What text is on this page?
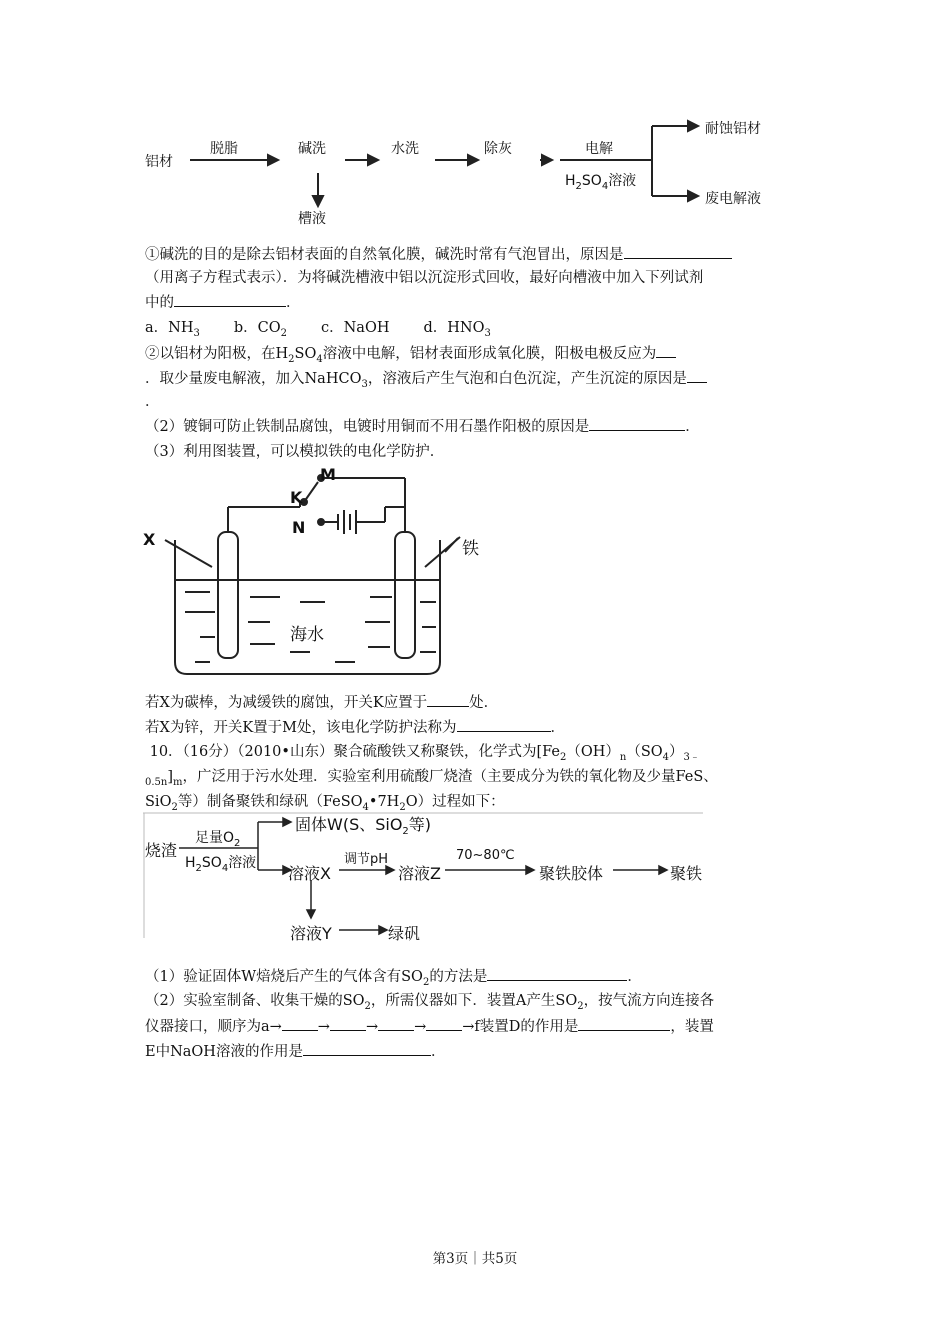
铝材
脱脂	碱洗	水洗	除灰	电解
$H_2SO_4$溶液
槽液
耐蚀铝材
废电解液
①碱洗的目的是除去铝材表面的自然氧化膜，碱洗时常有气泡冒出，原因是
（用离子方程式表示）．为将碱洗槽液中铝以沉淀形式回收，最好向槽液中加入下列试剂
中的	．
a．$NH_3$ b．$CO_2$ c．NaOH d．$HNO_3$
②以铝材为阳极，在$H_2SO_4$溶液中电解，铝材表面形成氧化膜，阳极电极反应为
．取少量废电解液，加入NaHCO$_3$，溶液后产生气泡和白色沉淀，产生沉淀的原因是
．
（2）镀铜可防止铁制品腐蚀，电镀时用铜而不用石墨作阳极的原因是	．
（3）利用图装置，可以模拟铁的电化学防护．
M
K
N
X	铁
海水
若X为碳棒，为减缓铁的腐蚀，开关K应置于	处．
若X为锌，开关K置于M处，该电化学防护法称为	．
10．（16分）（2010•山东）聚合硫酸铁又称聚铁，化学式为[$Fe_2(OH)_n(SO_4)_{3﹣}$
$_{0.5n}]_m$，广泛用于污水处理．实验室利用硫酸厂烧渣（主要成分为铁的氧化物及少量FeS、
SiO$_2$等）制备聚铁和绿矾$(FeSO_4•7H_2O)$过程如下：
烧渣
足量$O_2$
$H_2SO_4$溶液
固体W(S、SiO$_2$等)
溶液X
调节pH
溶液Z
70~80℃
聚铁胶体	聚铁
溶液Y	绿矾
（1）验证固体W焙烧后产生的气体含有$SO_2$的方法是	．
（2）实验室制备、收集干燥的$SO_2$，所需仪器如下．装置A产生$SO_2$，按气流方向连接各
仪器接口，顺序为a→ → → → →f装置D的作用是	，装置
E中NaOH溶液的作用是	．
第3页｜共5页
